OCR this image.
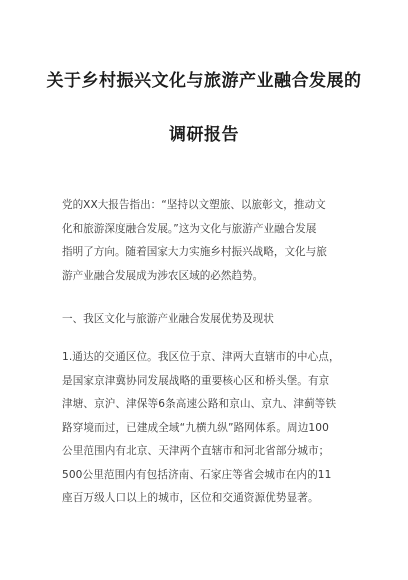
关于乡村振兴文化与旅游产业融合发展的
调研报告
党的XX大报告指出：“坚持以文塑旅、以旅彰文，推动文
化和旅游深度融合发展。”这为文化与旅游产业融合发展
指明了方向。随着国家大力实施乡村振兴战略，文化与旅
游产业融合发展成为涉农区域的必然趋势。
一、我区文化与旅游产业融合发展优势及现状
1.通达的交通区位。我区位于京、津两大直辖市的中心点，
是国家京津冀协同发展战略的重要核心区和桥头堡。有京
津塘、京沪、津保等6条高速公路和京山、京九、津蓟等铁
路穿境而过，已建成全域“九横九纵”路网体系。周边100
公里范围内有北京、天津两个直辖市和河北省部分城市；
500公里范围内有包括济南、石家庄等省会城市在内的11
座百万级人口以上的城市，区位和交通资源优势显著。
